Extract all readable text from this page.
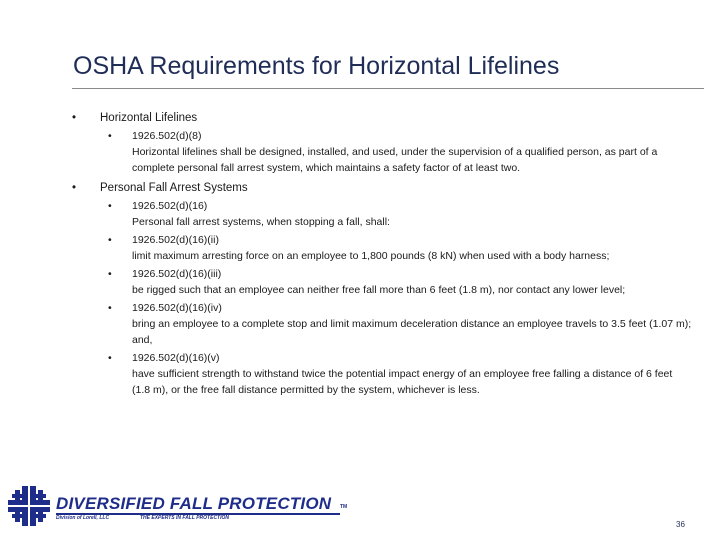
OSHA Requirements for Horizontal Lifelines
• Horizontal Lifelines
• 1926.502(d)(8)
Horizontal lifelines shall be designed, installed, and used, under the supervision of a qualified person, as part of a complete personal fall arrest system, which maintains a safety factor of at least two.
• Personal Fall Arrest Systems
• 1926.502(d)(16)
Personal fall arrest systems, when stopping a fall, shall:
• 1926.502(d)(16)(ii)
limit maximum arresting force on an employee to 1,800 pounds (8 kN) when used with a body harness;
• 1926.502(d)(16)(iii)
be rigged such that an employee can neither free fall more than 6 feet (1.8 m), nor contact any lower level;
• 1926.502(d)(16)(iv)
bring an employee to a complete stop and limit maximum deceleration distance an employee travels to 3.5 feet (1.07 m); and,
• 1926.502(d)(16)(v)
have sufficient strength to withstand twice the potential impact energy of an employee free falling a distance of 6 feet (1.8 m), or the free fall distance permitted by the system, whichever is less.
DIVERSIFIED FALL PROTECTION TM
Division of Lorell, LLC	THE EXPERTS IN FALL PROTECTION
36
